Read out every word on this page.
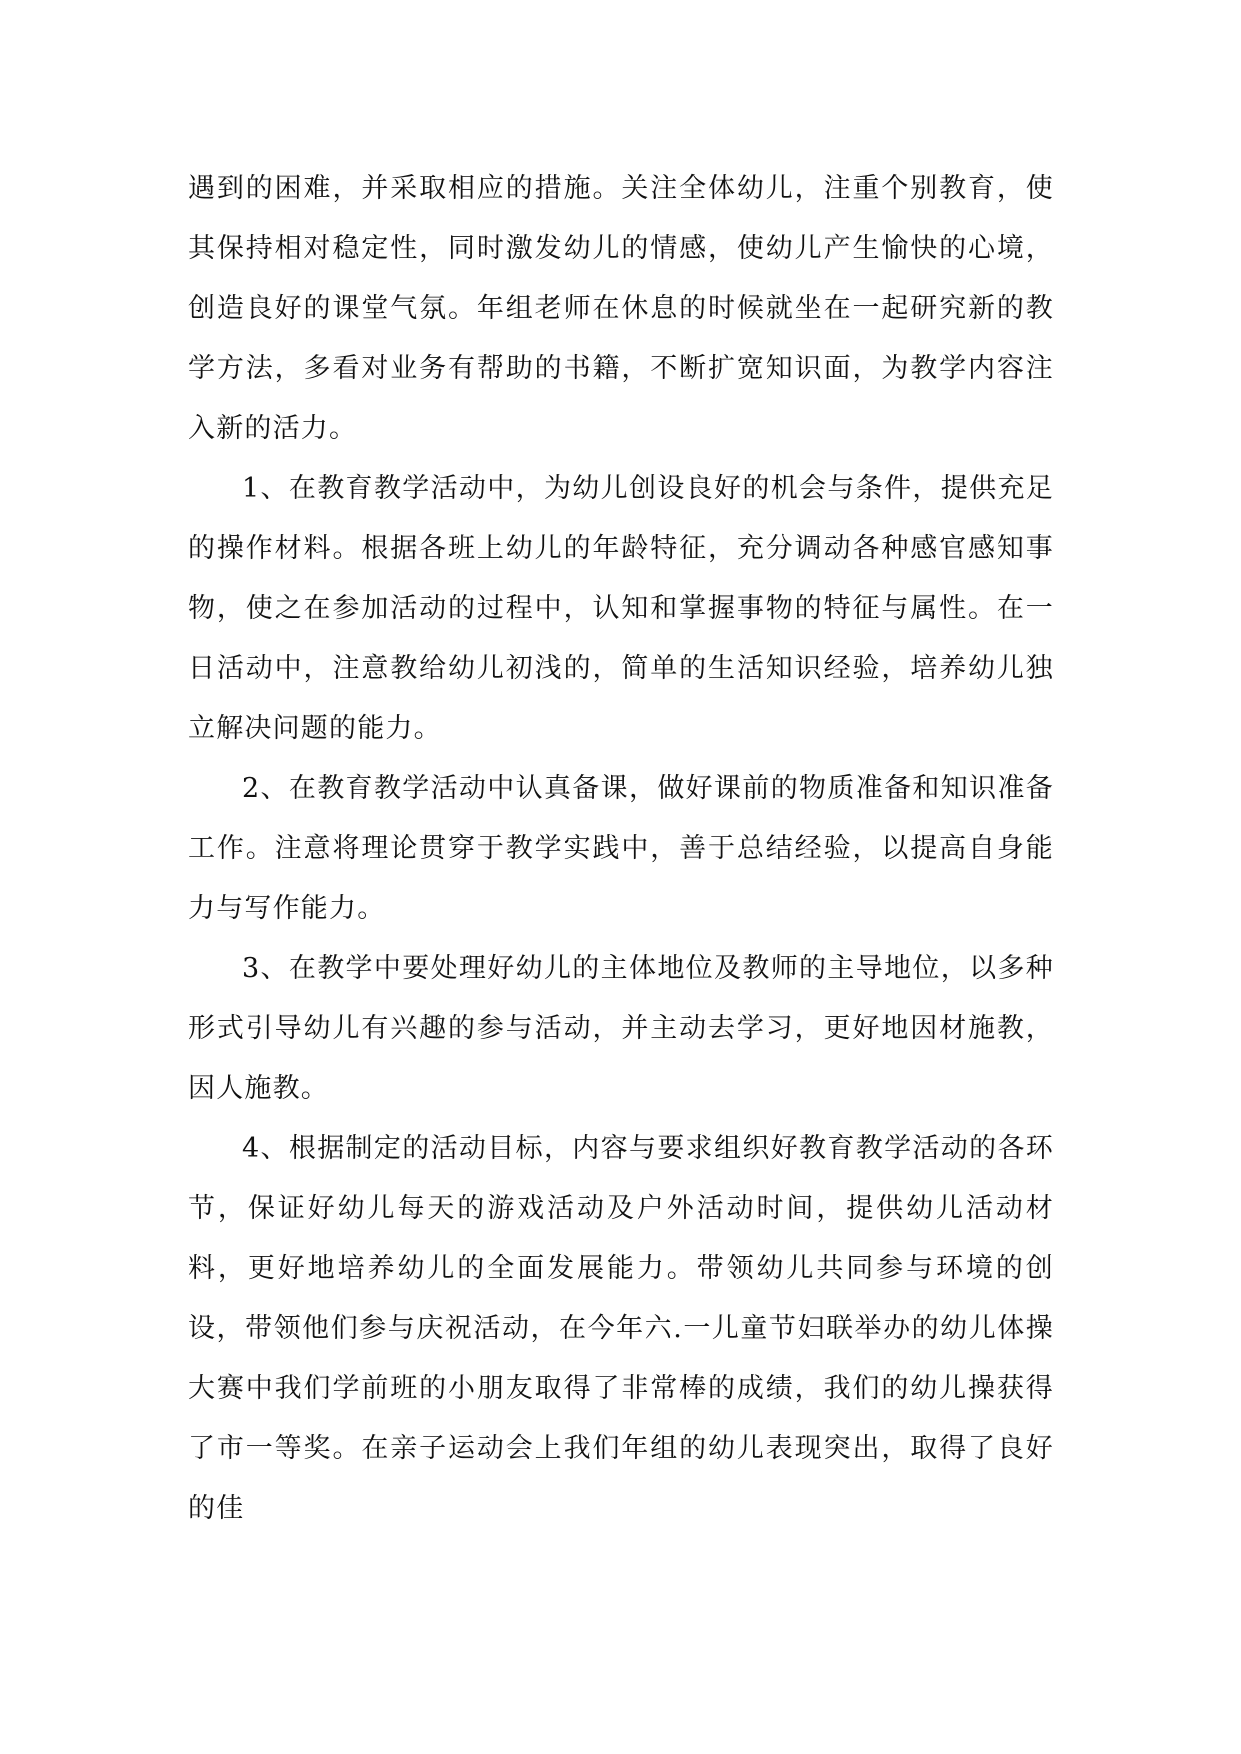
遇到的困难，并采取相应的措施。关注全体幼儿，注重个别教育，使其保持相对稳定性，同时激发幼儿的情感，使幼儿产生愉快的心境，创造良好的课堂气氛。年组老师在休息的时候就坐在一起研究新的教学方法，多看对业务有帮助的书籍，不断扩宽知识面，为教学内容注入新的活力。

1、在教育教学活动中，为幼儿创设良好的机会与条件，提供充足的操作材料。根据各班上幼儿的年龄特征，充分调动各种感官感知事物，使之在参加活动的过程中，认知和掌握事物的特征与属性。在一日活动中，注意教给幼儿初浅的，简单的生活知识经验，培养幼儿独立解决问题的能力。

2、在教育教学活动中认真备课，做好课前的物质准备和知识准备工作。注意将理论贯穿于教学实践中，善于总结经验，以提高自身能力与写作能力。

3、在教学中要处理好幼儿的主体地位及教师的主导地位，以多种形式引导幼儿有兴趣的参与活动，并主动去学习，更好地因材施教，因人施教。

4、根据制定的活动目标，内容与要求组织好教育教学活动的各环节，保证好幼儿每天的游戏活动及户外活动时间，提供幼儿活动材料，更好地培养幼儿的全面发展能力。带领幼儿共同参与环境的创设，带领他们参与庆祝活动，在今年六.一儿童节妇联举办的幼儿体操大赛中我们学前班的小朋友取得了非常棒的成绩，我们的幼儿操获得了市一等奖。在亲子运动会上我们年组的幼儿表现突出，取得了良好的佳
